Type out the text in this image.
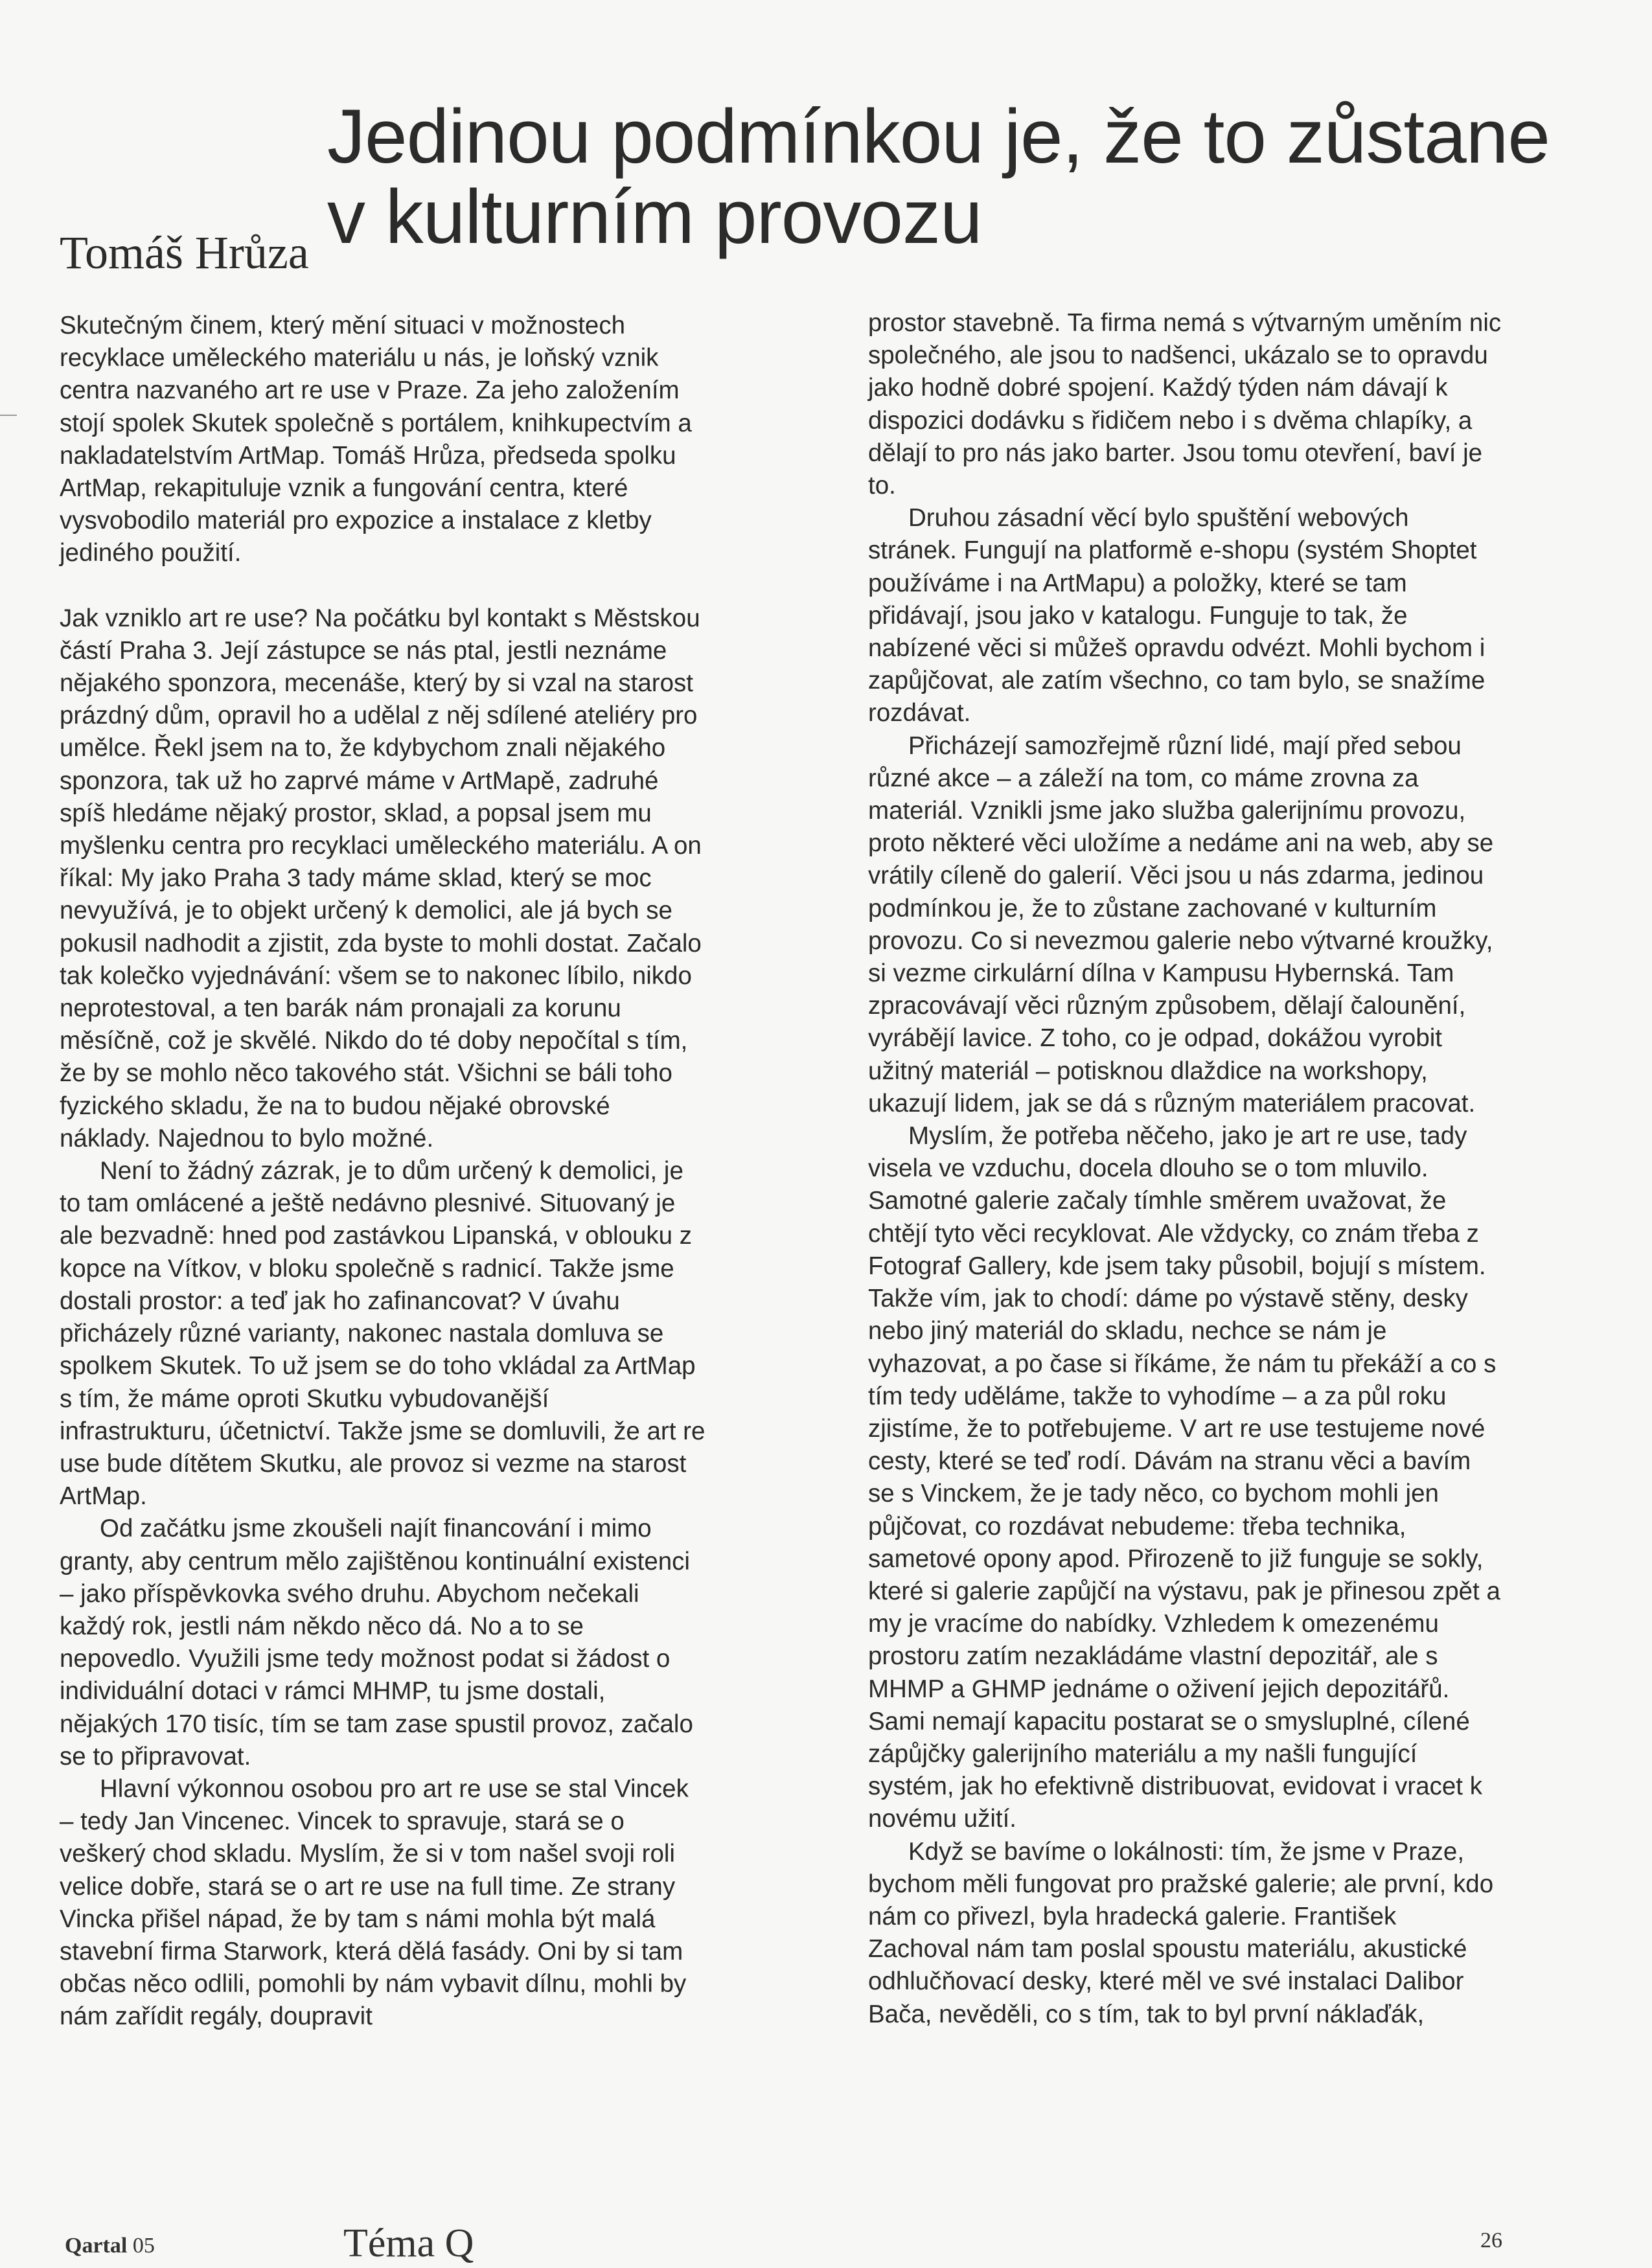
Jedinou podmínkou je, že to zůstane v kulturním provozu
Tomáš Hrůza

Skutečným činem, který mění situaci v možnostech recyklace uměleckého materiálu u nás, je loňský vznik centra nazvaného art re use v Praze. Za jeho založením stojí spolek Skutek společně s portálem, knihkupectvím a nakladatelstvím ArtMap. Tomáš Hrůza, předseda spolku ArtMap, rekapituluje vznik a fungování centra, které vysvobodilo materiál pro expozice a instalace z kletby jediného použití.

Jak vzniklo art re use? Na počátku byl kontakt s Městskou částí Praha 3. Její zástupce se nás ptal, jestli neznáme nějakého sponzora, mecenáše, který by si vzal na starost prázdný dům, opravil ho a udělal z něj sdílené ateliéry pro umělce. Řekl jsem na to, že kdybychom znali nějakého sponzora, tak už ho zaprvé máme v ArtMapě, zadruhé spíš hledáme nějaký prostor, sklad, a popsal jsem mu myšlenku centra pro recyklaci uměleckého materiálu. A on říkal: My jako Praha 3 tady máme sklad, který se moc nevyužívá, je to objekt určený k demolici, ale já bych se pokusil nadhodit a zjistit, zda byste to mohli dostat. Začalo tak kolečko vyjednávání: všem se to nakonec líbilo, nikdo neprotestoval, a ten barák nám pronajali za korunu měsíčně, což je skvělé. Nikdo do té doby nepočítal s tím, že by se mohlo něco takového stát. Všichni se báli toho fyzického skladu, že na to budou nějaké obrovské náklady. Najednou to bylo možné.

Není to žádný zázrak, je to dům určený k demolici, je to tam omlácené a ještě nedávno plesnivé. Situovaný je ale bezvadně: hned pod zastávkou Lipanská, v oblouku z kopce na Vítkov, v bloku společně s radnicí. Takže jsme dostali prostor: a teď jak ho zafinancovat? V úvahu přicházely různé varianty, nakonec nastala domluva se spolkem Skutek. To už jsem se do toho vkládal za ArtMap s tím, že máme oproti Skutku vybudovanější infrastrukturu, účetnictví. Takže jsme se domluvili, že art re use bude dítětem Skutku, ale provoz si vezme na starost ArtMap.

Od začátku jsme zkoušeli najít financování i mimo granty, aby centrum mělo zajištěnou kontinuální existenci – jako příspěvkovka svého druhu. Abychom nečekali každý rok, jestli nám někdo něco dá. No a to se nepovedlo. Využili jsme tedy možnost podat si žádost o individuální dotaci v rámci MHMP, tu jsme dostali, nějakých 170 tisíc, tím se tam zase spustil provoz, začalo se to připravovat.

Hlavní výkonnou osobou pro art re use se stal Vincek – tedy Jan Vincenec. Vincek to spravuje, stará se o veškerý chod skladu. Myslím, že si v tom našel svoji roli velice dobře, stará se o art re use na full time. Ze strany Vincka přišel nápad, že by tam s námi mohla být malá stavební firma Starwork, která dělá fasády. Oni by si tam občas něco odlili, pomohli by nám vybavit dílnu, mohli by nám zařídit regály, doupravit

prostor stavebně. Ta firma nemá s výtvarným uměním nic společného, ale jsou to nadšenci, ukázalo se to opravdu jako hodně dobré spojení. Každý týden nám dávají k dispozici dodávku s řidičem nebo i s dvěma chlapíky, a dělají to pro nás jako barter. Jsou tomu otevření, baví je to.

Druhou zásadní věcí bylo spuštění webových stránek. Fungují na platformě e-shopu (systém Shoptet používáme i na ArtMapu) a položky, které se tam přidávají, jsou jako v katalogu. Funguje to tak, že nabízené věci si můžeš opravdu odvézt. Mohli bychom i zapůjčovat, ale zatím všechno, co tam bylo, se snažíme rozdávat.

Přicházejí samozřejmě různí lidé, mají před sebou různé akce – a záleží na tom, co máme zrovna za materiál. Vznikli jsme jako služba galerijnímu provozu, proto některé věci uložíme a nedáme ani na web, aby se vrátily cíleně do galerií. Věci jsou u nás zdarma, jedinou podmínkou je, že to zůstane zachované v kulturním provozu. Co si nevezmou galerie nebo výtvarné kroužky, si vezme cirkulární dílna v Kampusu Hybernská. Tam zpracovávají věci různým způsobem, dělají čalounění, vyrábějí lavice. Z toho, co je odpad, dokážou vyrobit užitný materiál – potisknou dlaždice na workshopy, ukazují lidem, jak se dá s různým materiálem pracovat.

Myslím, že potřeba něčeho, jako je art re use, tady visela ve vzduchu, docela dlouho se o tom mluvilo. Samotné galerie začaly tímhle směrem uvažovat, že chtějí tyto věci recyklovat. Ale vždycky, co znám třeba z Fotograf Gallery, kde jsem taky působil, bojují s místem. Takže vím, jak to chodí: dáme po výstavě stěny, desky nebo jiný materiál do skladu, nechce se nám je vyhazovat, a po čase si říkáme, že nám tu překáží a co s tím tedy uděláme, takže to vyhodíme – a za půl roku zjistíme, že to potřebujeme. V art re use testujeme nové cesty, které se teď rodí. Dávám na stranu věci a bavím se s Vinckem, že je tady něco, co bychom mohli jen půjčovat, co rozdávat nebudeme: třeba technika, sametové opony apod. Přirozeně to již funguje se sokly, které si galerie zapůjčí na výstavu, pak je přinesou zpět a my je vracíme do nabídky. Vzhledem k omezenému prostoru zatím nezakládáme vlastní depozitář, ale s MHMP a GHMP jednáme o oživení jejich depozitářů. Sami nemají kapacitu postarat se o smysluplné, cílené zápůjčky galerijního materiálu a my našli fungující systém, jak ho efektivně distribuovat, evidovat i vracet k novému užití.

Když se bavíme o lokálnosti: tím, že jsme v Praze, bychom měli fungovat pro pražské galerie; ale první, kdo nám co přivezl, byla hradecká galerie. František Zachoval nám tam poslal spoustu materiálu, akustické odhlučňovací desky, které měl ve své instalaci Dalibor Bača, nevěděli, co s tím, tak to byl první náklaďák,

Qartal 05	Téma Q	26
